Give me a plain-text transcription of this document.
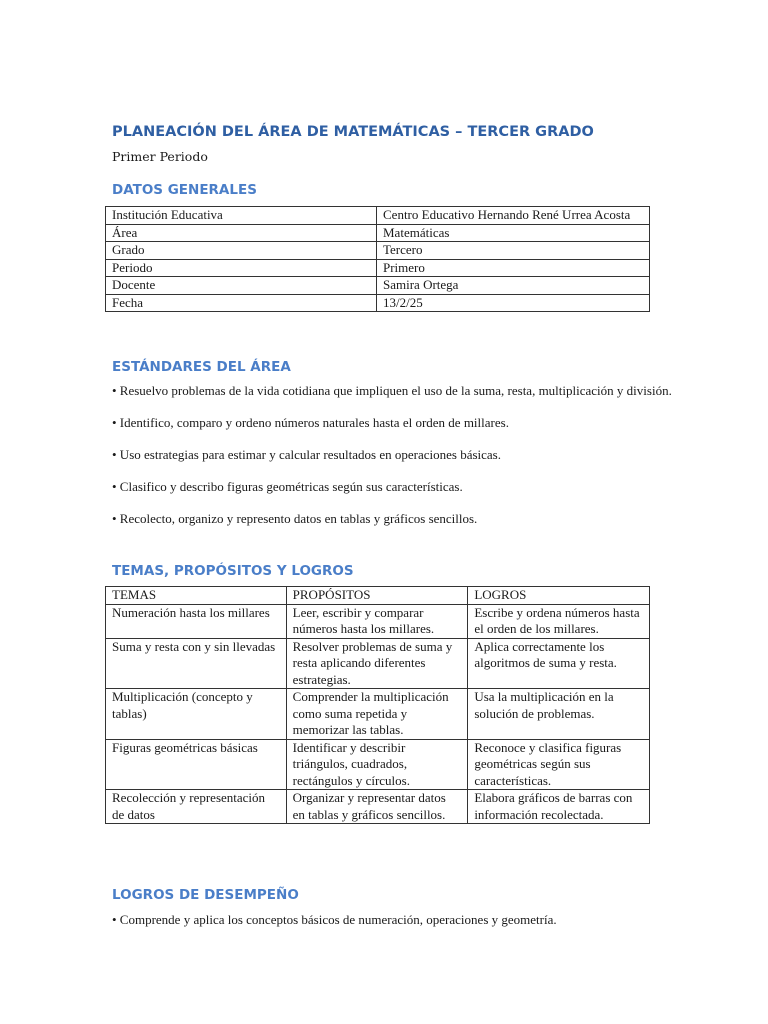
PLANEACIÓN DEL ÁREA DE MATEMÁTICAS – TERCER GRADO
Primer Periodo
DATOS GENERALES
Institución Educativa	Centro Educativo Hernando René Urrea Acosta
Área	Matemáticas
Grado	Tercero
Periodo	Primero
Docente	Samira Ortega
Fecha	13/2/25
ESTÁNDARES DEL ÁREA

• Resuelvo problemas de la vida cotidiana que impliquen el uso de la suma, resta, multiplicación y división.

• Identifico, comparo y ordeno números naturales hasta el orden de millares.

• Uso estrategias para estimar y calcular resultados en operaciones básicas.

• Clasifico y describo figuras geométricas según sus características.

• Recolecto, organizo y represento datos en tablas y gráficos sencillos.

TEMAS, PROPÓSITOS Y LOGROS
TEMAS	PROPÓSITOS	LOGROS
Numeración hasta los millares	Leer, escribir y comparar números hasta los millares.	Escribe y ordena números hasta el orden de los millares.
Suma y resta con y sin llevadas	Resolver problemas de suma y resta aplicando diferentes estrategias.	Aplica correctamente los algoritmos de suma y resta.
Multiplicación (concepto y tablas)	Comprender la multiplicación como suma repetida y memorizar las tablas.	Usa la multiplicación en la solución de problemas.
Figuras geométricas básicas	Identificar y describir triángulos, cuadrados, rectángulos y círculos.	Reconoce y clasifica figuras geométricas según sus características.
Recolección y representación de datos	Organizar y representar datos en tablas y gráficos sencillos.	Elabora gráficos de barras con información recolectada.
LOGROS DE DESEMPEÑO

• Comprende y aplica los conceptos básicos de numeración, operaciones y geometría.
